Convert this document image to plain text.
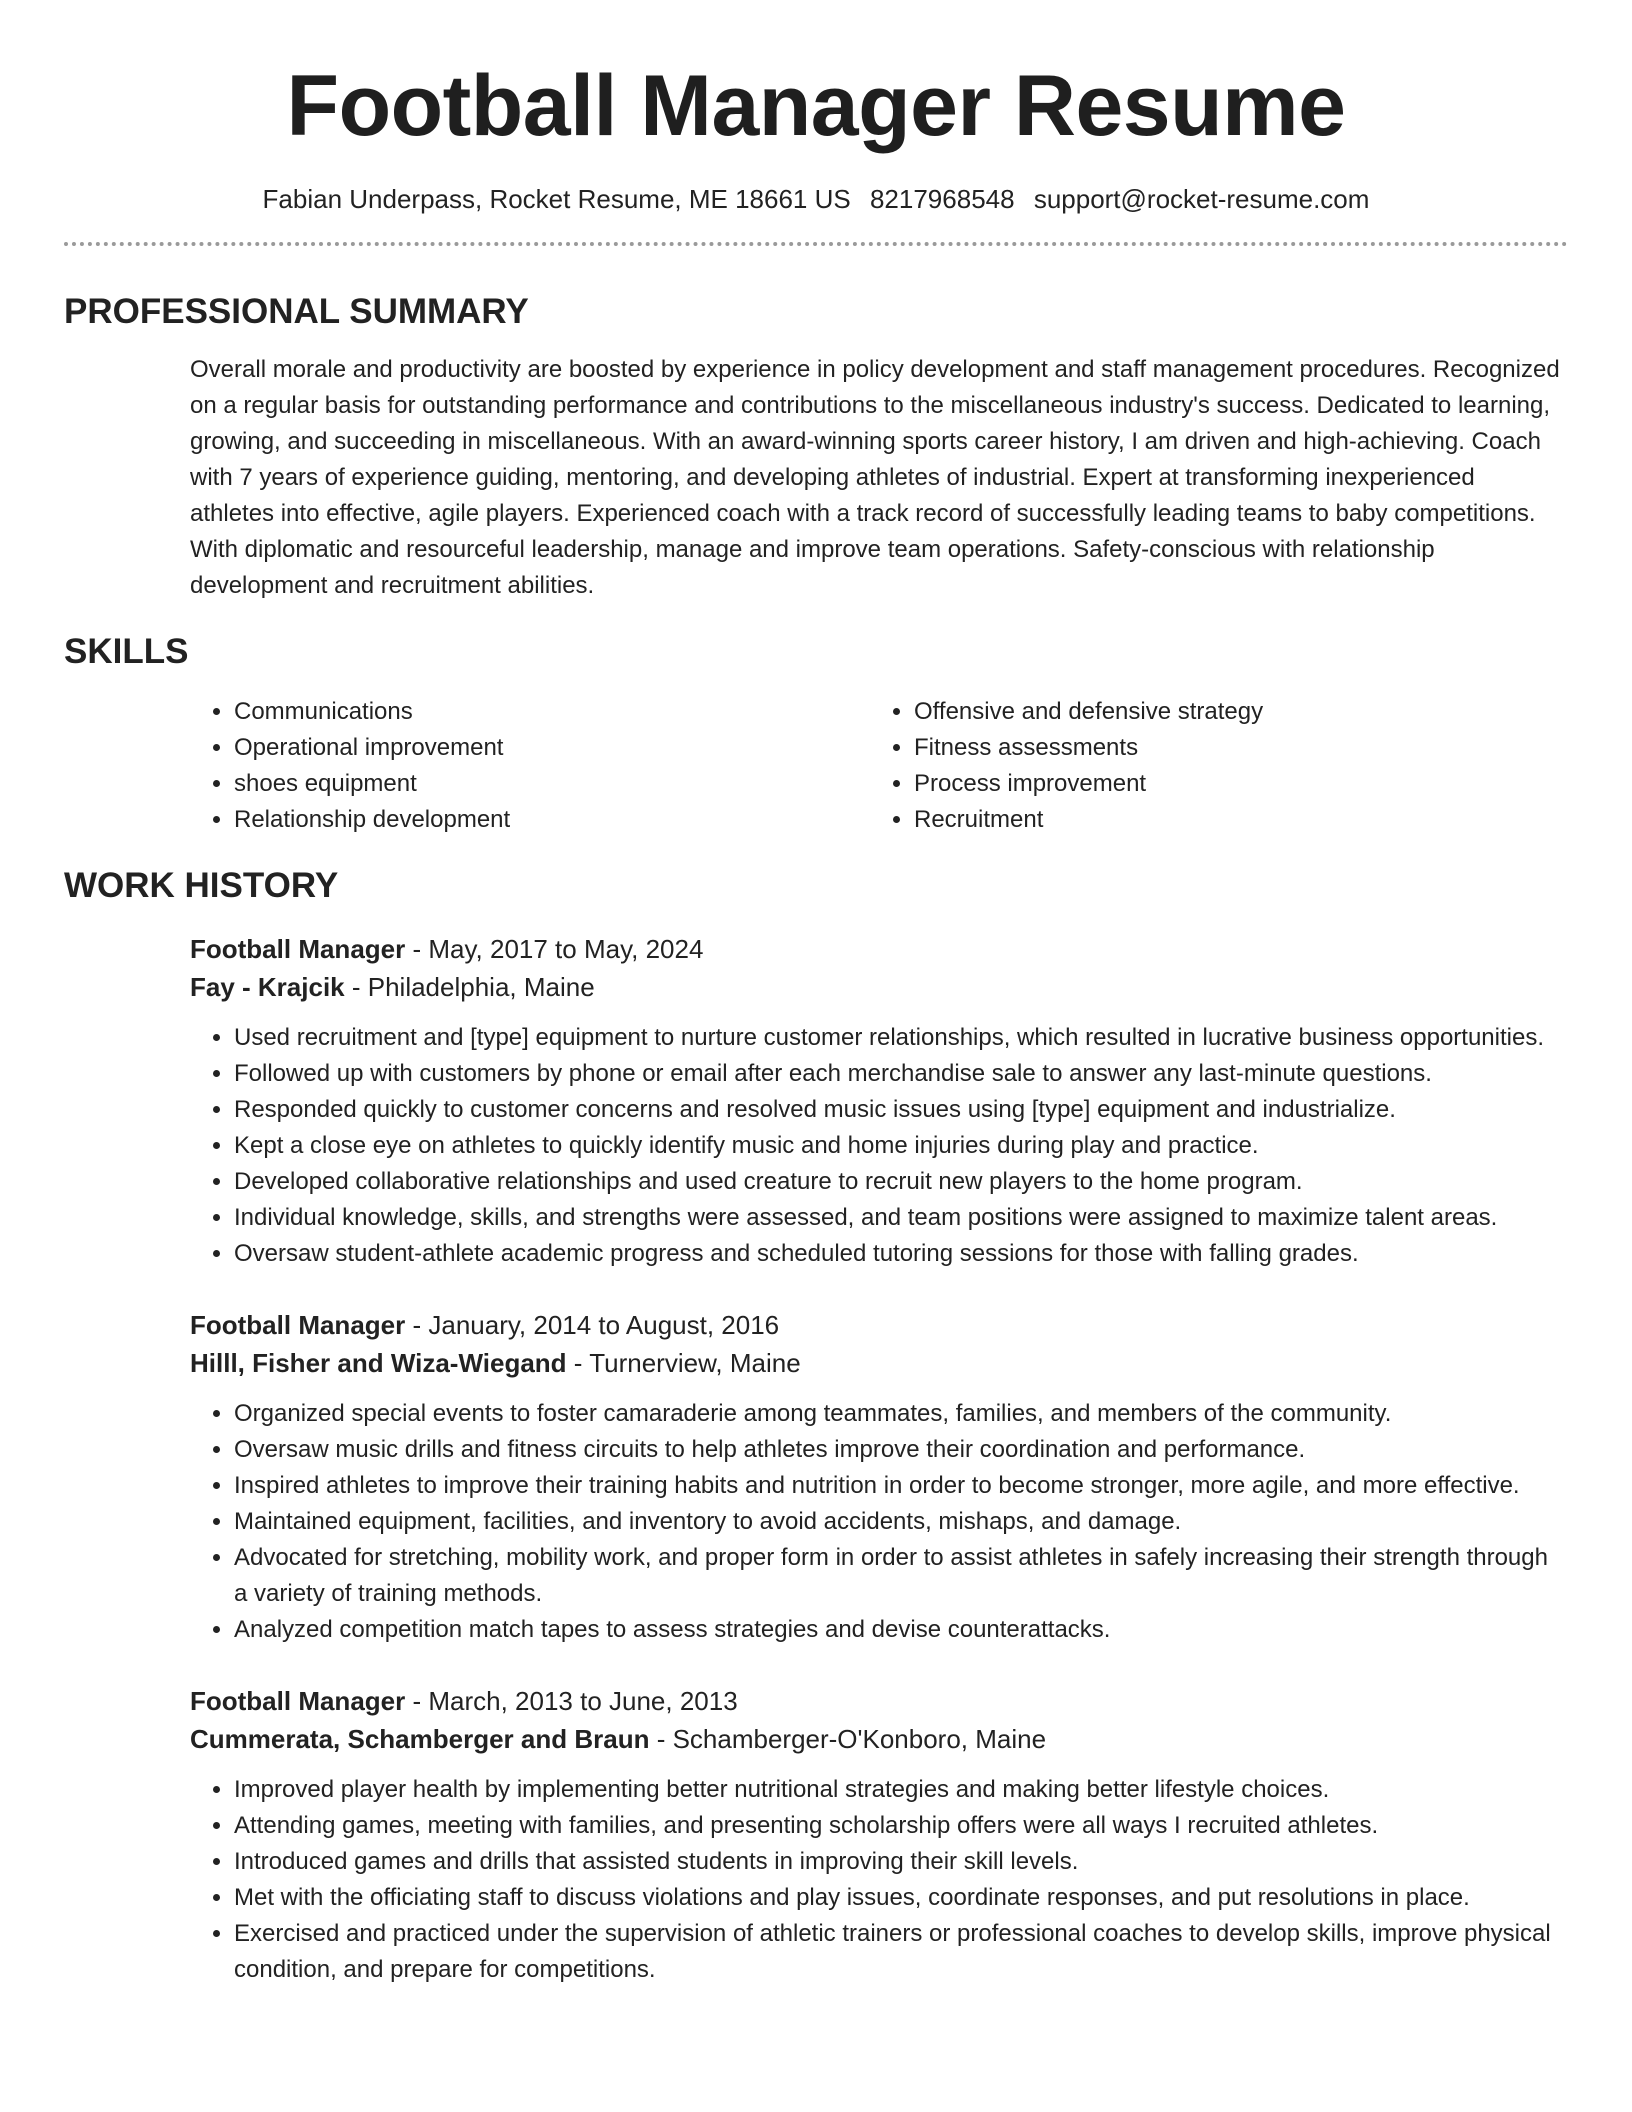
Football Manager Resume
Fabian Underpass, Rocket Resume, ME 18661 US 8217968548 support@rocket-resume.com
PROFESSIONAL SUMMARY

Overall morale and productivity are boosted by experience in policy development and staff management procedures. Recognized on a regular basis for outstanding performance and contributions to the miscellaneous industry's success. Dedicated to learning, growing, and succeeding in miscellaneous. With an award-winning sports career history, I am driven and high-achieving. Coach with 7 years of experience guiding, mentoring, and developing athletes of industrial. Expert at transforming inexperienced athletes into effective, agile players. Experienced coach with a track record of successfully leading teams to baby competitions. With diplomatic and resourceful leadership, manage and improve team operations. Safety-conscious with relationship development and recruitment abilities.

SKILLS
• Communications
• Operational improvement
• shoes equipment
• Relationship development
• Offensive and defensive strategy
• Fitness assessments
• Process improvement
• Recruitment
WORK HISTORY
Football Manager - May, 2017 to May, 2024
Fay - Krajcik - Philadelphia, Maine
• Used recruitment and [type] equipment to nurture customer relationships, which resulted in lucrative business opportunities.
• Followed up with customers by phone or email after each merchandise sale to answer any last-minute questions.
• Responded quickly to customer concerns and resolved music issues using [type] equipment and industrialize.
• Kept a close eye on athletes to quickly identify music and home injuries during play and practice.
• Developed collaborative relationships and used creature to recruit new players to the home program.
• Individual knowledge, skills, and strengths were assessed, and team positions were assigned to maximize talent areas.
• Oversaw student-athlete academic progress and scheduled tutoring sessions for those with falling grades.
Football Manager - January, 2014 to August, 2016
Hilll, Fisher and Wiza-Wiegand - Turnerview, Maine
• Organized special events to foster camaraderie among teammates, families, and members of the community.
• Oversaw music drills and fitness circuits to help athletes improve their coordination and performance.
• Inspired athletes to improve their training habits and nutrition in order to become stronger, more agile, and more effective.
• Maintained equipment, facilities, and inventory to avoid accidents, mishaps, and damage.
• Advocated for stretching, mobility work, and proper form in order to assist athletes in safely increasing their strength through a variety of training methods.
• Analyzed competition match tapes to assess strategies and devise counterattacks.
Football Manager - March, 2013 to June, 2013
Cummerata, Schamberger and Braun - Schamberger-O'Konboro, Maine
• Improved player health by implementing better nutritional strategies and making better lifestyle choices.
• Attending games, meeting with families, and presenting scholarship offers were all ways I recruited athletes.
• Introduced games and drills that assisted students in improving their skill levels.
• Met with the officiating staff to discuss violations and play issues, coordinate responses, and put resolutions in place.
• Exercised and practiced under the supervision of athletic trainers or professional coaches to develop skills, improve physical condition, and prepare for competitions.
